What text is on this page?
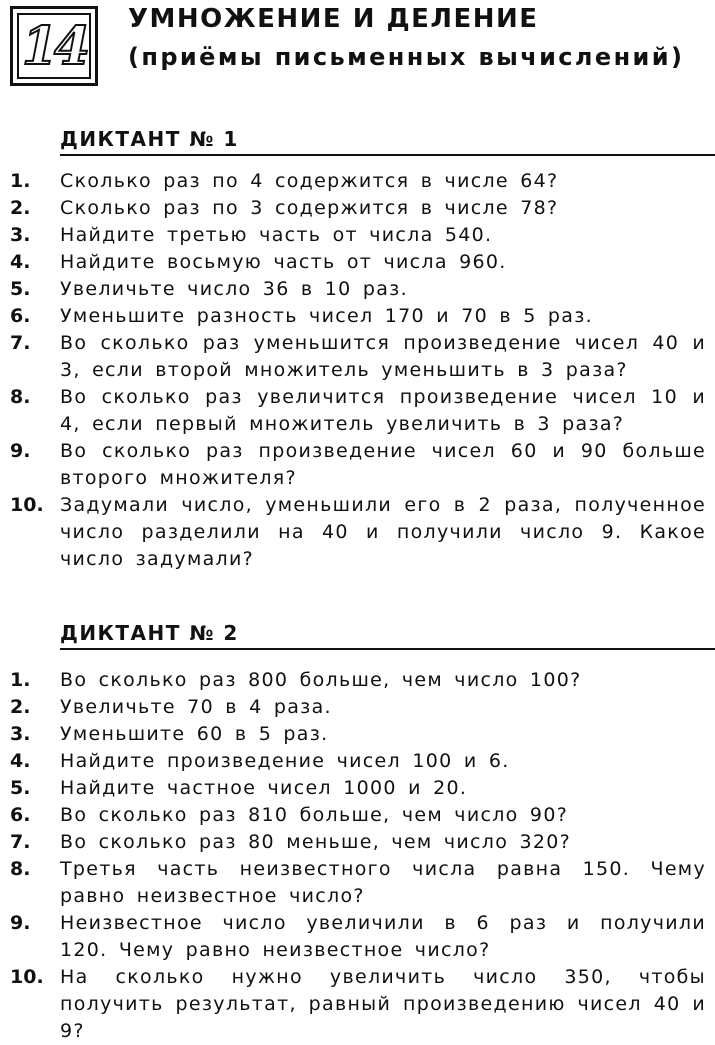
14	УМНОЖЕНИЕ И ДЕЛЕНИЕ
(приёмы письменных вычислений)
ДИКТАНТ № 1
1.	Сколько раз по 4 содержится в числе 64?
2.	Сколько раз по 3 содержится в числе 78?
3.	Найдите третью часть от числа 540.
4.	Найдите восьмую часть от числа 960.
5.	Увеличьте число 36 в 10 раз.
6.	Уменьшите разность чисел 170 и 70 в 5 раз.
7.	Во сколько раз уменьшится произведение чисел 40 и 3, если второй множитель уменьшить в 3 раза?
8.	Во сколько раз увеличится произведение чисел 10 и 4, если первый множитель увеличить в 3 раза?
9.	Во сколько раз произведение чисел 60 и 90 больше второго множителя?
10. Задумали число, уменьшили его в 2 раза, полученное число разделили на 40 и получили число 9. Какое число задумали?
ДИКТАНТ № 2
1.	Во сколько раз 800 больше, чем число 100?
2.	Увеличьте 70 в 4 раза.
3.	Уменьшите 60 в 5 раз.
4.	Найдите произведение чисел 100 и 6.
5.	Найдите частное чисел 1000 и 20.
6.	Во сколько раз 810 больше, чем число 90?
7.	Во сколько раз 80 меньше, чем число 320?
8.	Третья часть неизвестного числа равна 150. Чему равно неизвестное число?
9.	Неизвестное число увеличили в 6 раз и получили 120. Чему равно неизвестное число?
10. На сколько нужно увеличить число 350, чтобы получить результат, равный произведению чисел 40 и 9?
